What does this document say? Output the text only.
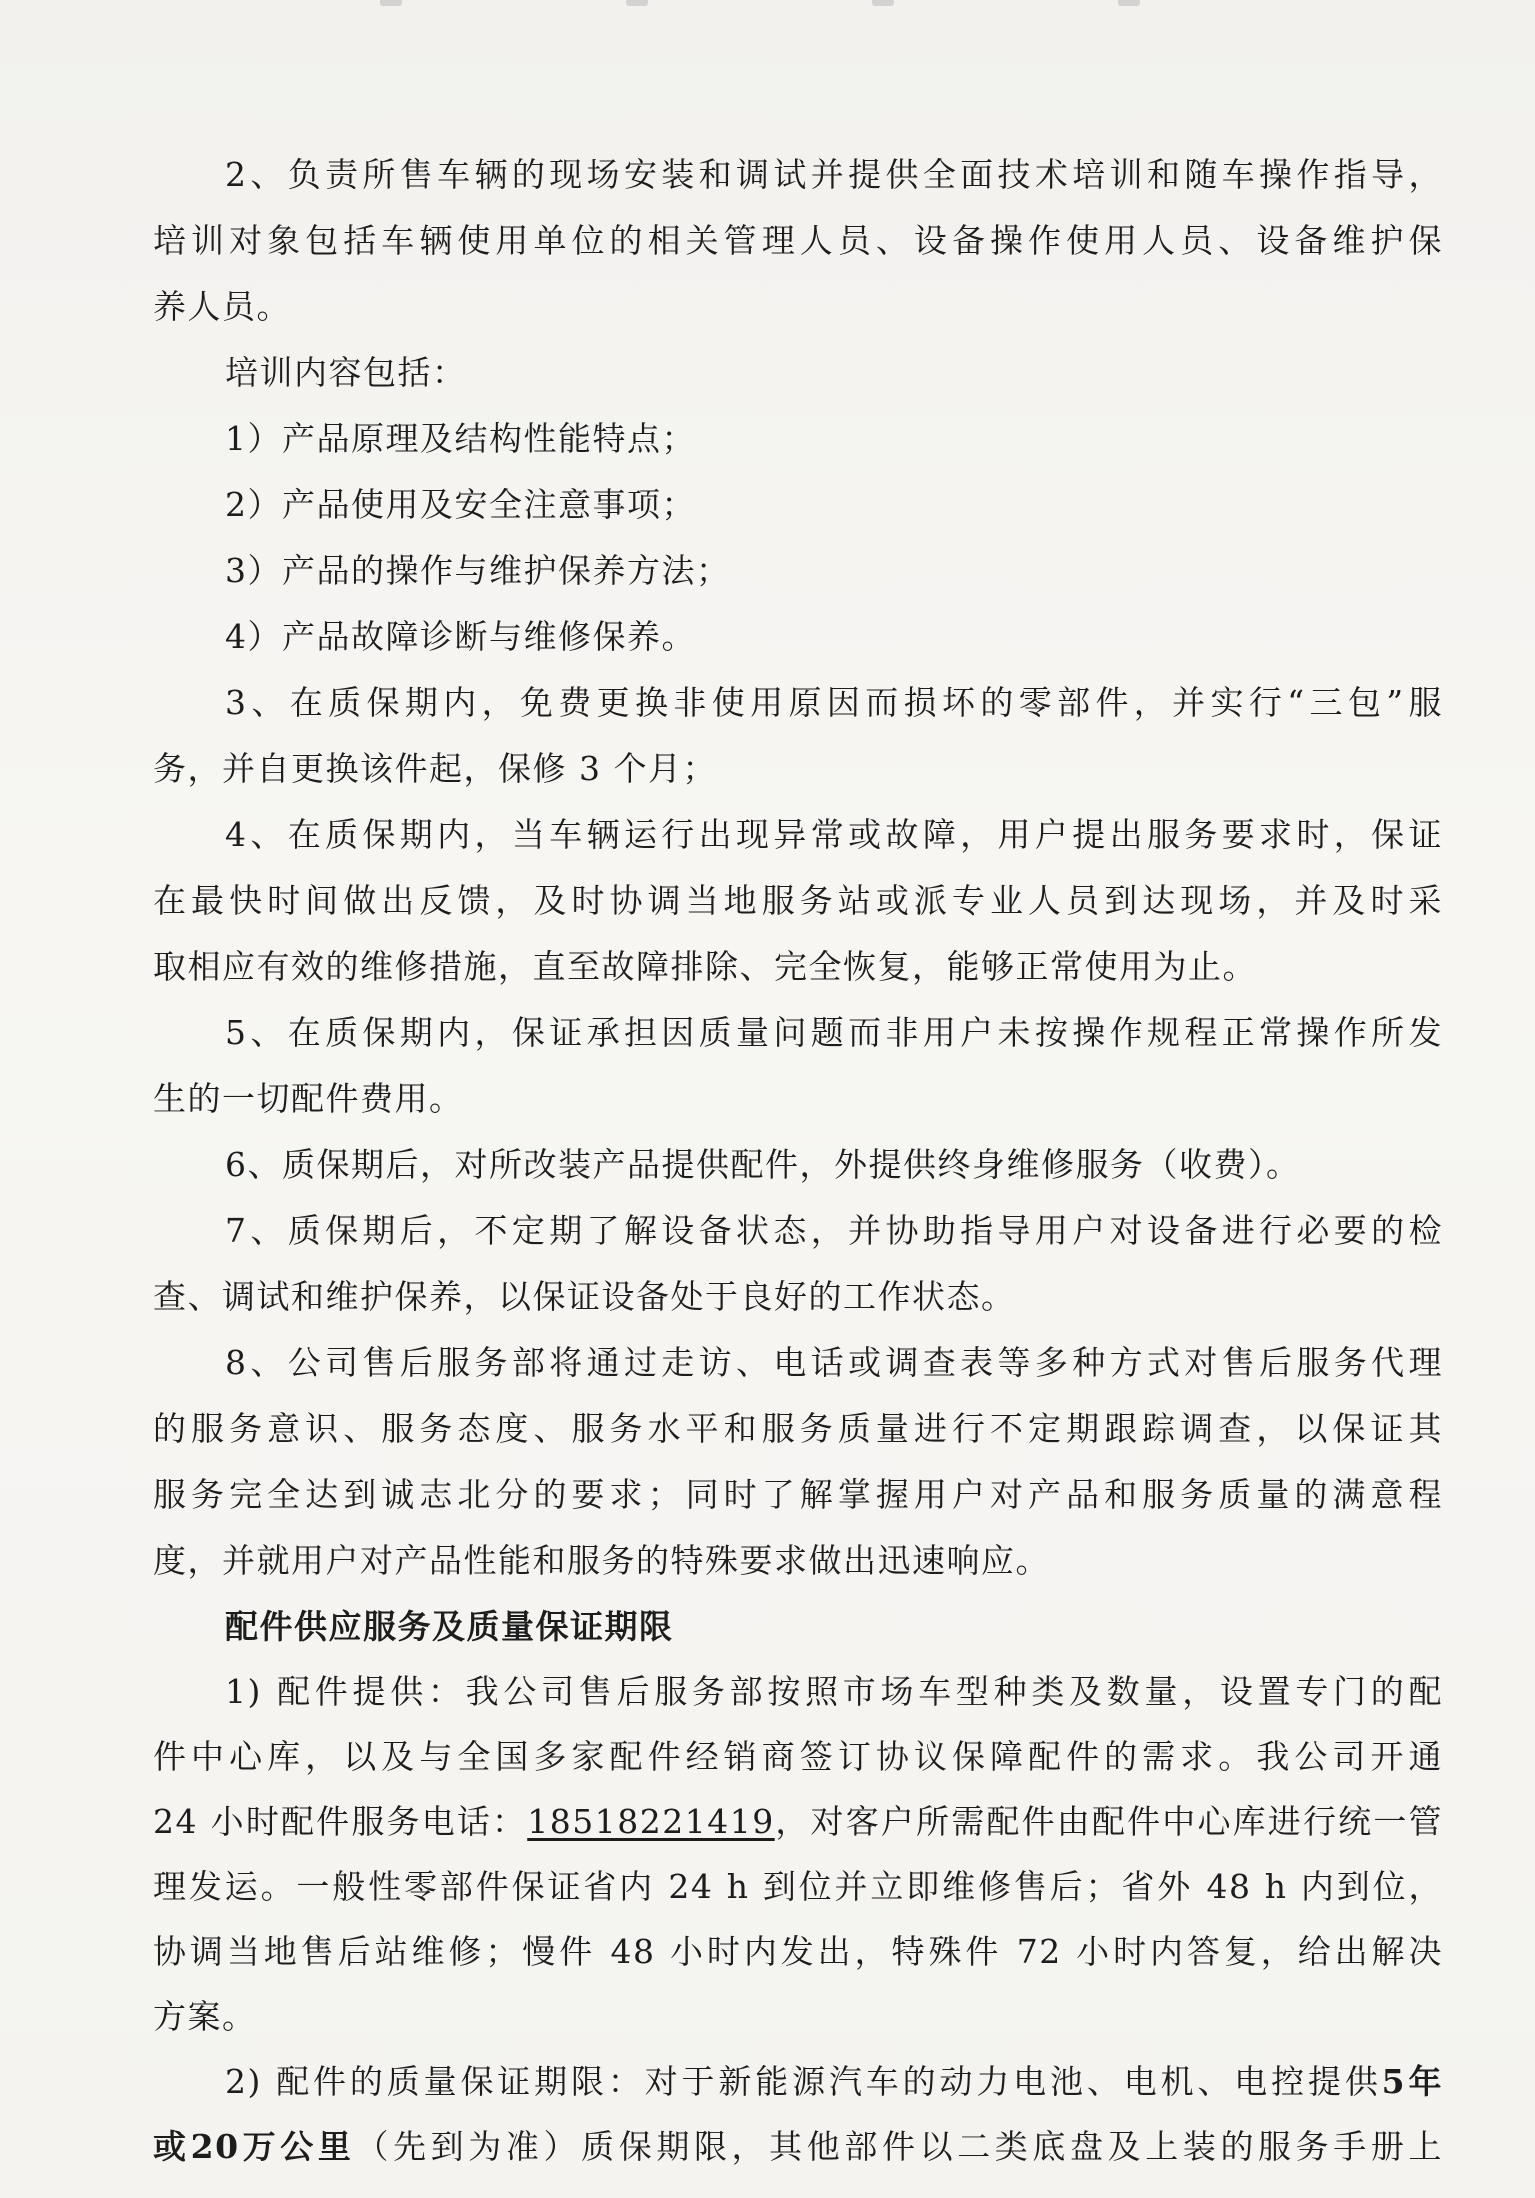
2、负责所售车辆的现场安装和调试并提供全面技术培训和随车操作指导，
培训对象包括车辆使用单位的相关管理人员、设备操作使用人员、设备维护保
养人员。
培训内容包括：
1）产品原理及结构性能特点；
2）产品使用及安全注意事项；
3）产品的操作与维护保养方法；
4）产品故障诊断与维修保养。
3、在质保期内，免费更换非使用原因而损坏的零部件，并实行“三包”服
务，并自更换该件起，保修 3 个月；
4、在质保期内，当车辆运行出现异常或故障，用户提出服务要求时，保证
在最快时间做出反馈，及时协调当地服务站或派专业人员到达现场，并及时采
取相应有效的维修措施，直至故障排除、完全恢复，能够正常使用为止。
5、在质保期内，保证承担因质量问题而非用户未按操作规程正常操作所发
生的一切配件费用。
6、质保期后，对所改装产品提供配件，外提供终身维修服务（收费）。
7、质保期后，不定期了解设备状态，并协助指导用户对设备进行必要的检
查、调试和维护保养，以保证设备处于良好的工作状态。
8、公司售后服务部将通过走访、电话或调查表等多种方式对售后服务代理
的服务意识、服务态度、服务水平和服务质量进行不定期跟踪调查，以保证其
服务完全达到诚志北分的要求；同时了解掌握用户对产品和服务质量的满意程
度，并就用户对产品性能和服务的特殊要求做出迅速响应。
配件供应服务及质量保证期限
1) 配件提供：我公司售后服务部按照市场车型种类及数量，设置专门的配
件中心库，以及与全国多家配件经销商签订协议保障配件的需求。我公司开通
24 小时配件服务电话：18518221419，对客户所需配件由配件中心库进行统一管
理发运。一般性零部件保证省内 24 h 到位并立即维修售后；省外 48 h 内到位，
协调当地售后站维修；慢件 48 小时内发出，特殊件 72 小时内答复，给出解决
方案。
2) 配件的质量保证期限：对于新能源汽车的动力电池、电机、电控提供5年
或20万公里（先到为准）质保期限，其他部件以二类底盘及上装的服务手册上
